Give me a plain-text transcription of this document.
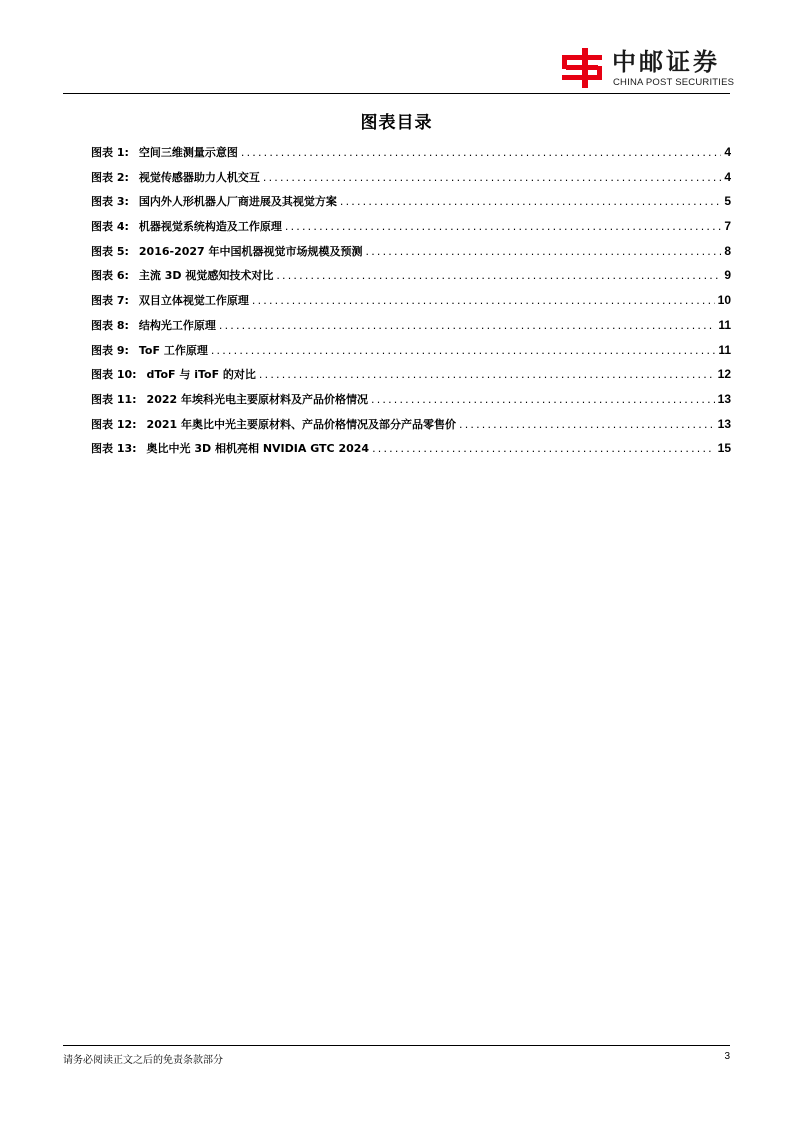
中邮证券
CHINA POST SECURITIES
图表目录
图表 1: 空间三维测量示意图 .....	4
图表 2: 视觉传感器助力人机交互 .....	4
图表 3: 国内外人形机器人厂商进展及其视觉方案 .....	5
图表 4: 机器视觉系统构造及工作原理 .....	7
图表 5: 2016-2027 年中国机器视觉市场规模及预测 .....	8
图表 6: 主流 3D 视觉感知技术对比 .....	9
图表 7: 双目立体视觉工作原理 .....	10
图表 8: 结构光工作原理 .....	11
图表 9: ToF 工作原理 .....	11
图表 10: dToF 与 iToF 的对比 .....	12
图表 11: 2022 年埃科光电主要原材料及产品价格情况 .....	13
图表 12: 2021 年奥比中光主要原材料、产品价格情况及部分产品零售价 .....	13
图表 13: 奥比中光 3D 相机亮相 NVIDIA GTC 2024 .....	15
请务必阅读正文之后的免责条款部分	3
